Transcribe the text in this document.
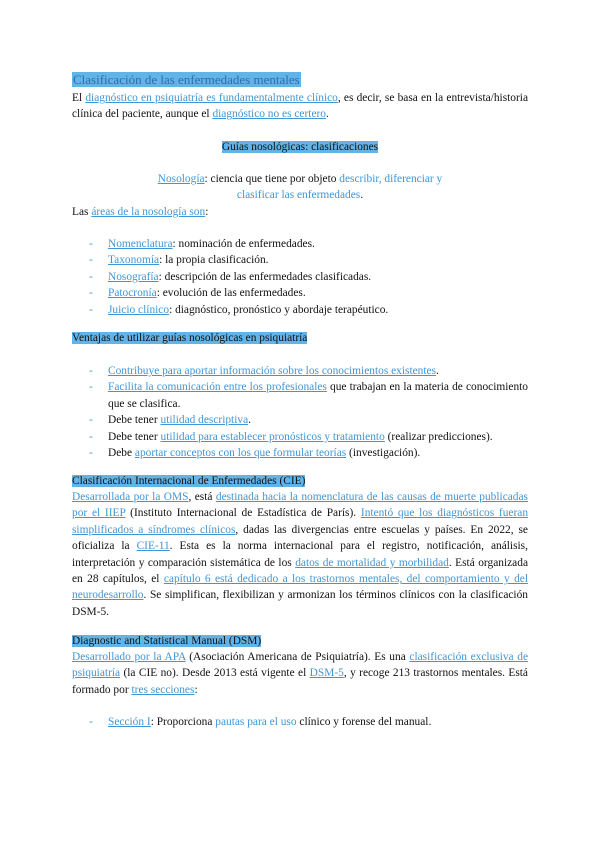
Clasificación de las enfermedades mentales

El diagnóstico en psiquiatría es fundamentalmente clínico, es decir, se basa en la entrevista/historia clínica del paciente, aunque el diagnóstico no es certero.

Guías nosológicas: clasificaciones
Nosología: ciencia que tiene por objeto describir, diferenciar y
clasificar las enfermedades.
Las áreas de la nosología son:
- Nomenclatura: nominación de enfermedades.
- Taxonomía: la propia clasificación.
- Nosografía: descripción de las enfermedades clasificadas.
- Patocronía: evolución de las enfermedades.
- Juicio clínico: diagnóstico, pronóstico y abordaje terapéutico.
Ventajas de utilizar guías nosológicas en psiquiatría
- Contribuye para aportar información sobre los conocimientos existentes.
- Facilita la comunicación entre los profesionales que trabajan en la materia de conocimiento que se clasifica.
- Debe tener utilidad descriptiva.
- Debe tener utilidad para establecer pronósticos y tratamiento (realizar predicciones).
- Debe aportar conceptos con los que formular teorías (investigación).
Clasificación Internacional de Enfermedades (CIE)

Desarrollada por la OMS, está destinada hacia la nomenclatura de las causas de muerte publicadas por el IIEP (Instituto Internacional de Estadística de París). Intentó que los diagnósticos fueran simplificados a síndromes clínicos, dadas las divergencias entre escuelas y países. En 2022, se oficializa la CIE-11. Esta es la norma internacional para el registro, notificación, análisis, interpretación y comparación sistemática de los datos de mortalidad y morbilidad. Está organizada en 28 capítulos, el capítulo 6 está dedicado a los trastornos mentales, del comportamiento y del neurodesarrollo. Se simplifican, flexibilizan y armonizan los términos clínicos con la clasificación DSM-5.

Diagnostic and Statistical Manual (DSM)

Desarrollado por la APA (Asociación Americana de Psiquiatría). Es una clasificación exclusiva de psiquiatría (la CIE no). Desde 2013 está vigente el DSM-5, y recoge 213 trastornos mentales. Está formado por tres secciones:

- Sección I: Proporciona pautas para el uso clínico y forense del manual.
